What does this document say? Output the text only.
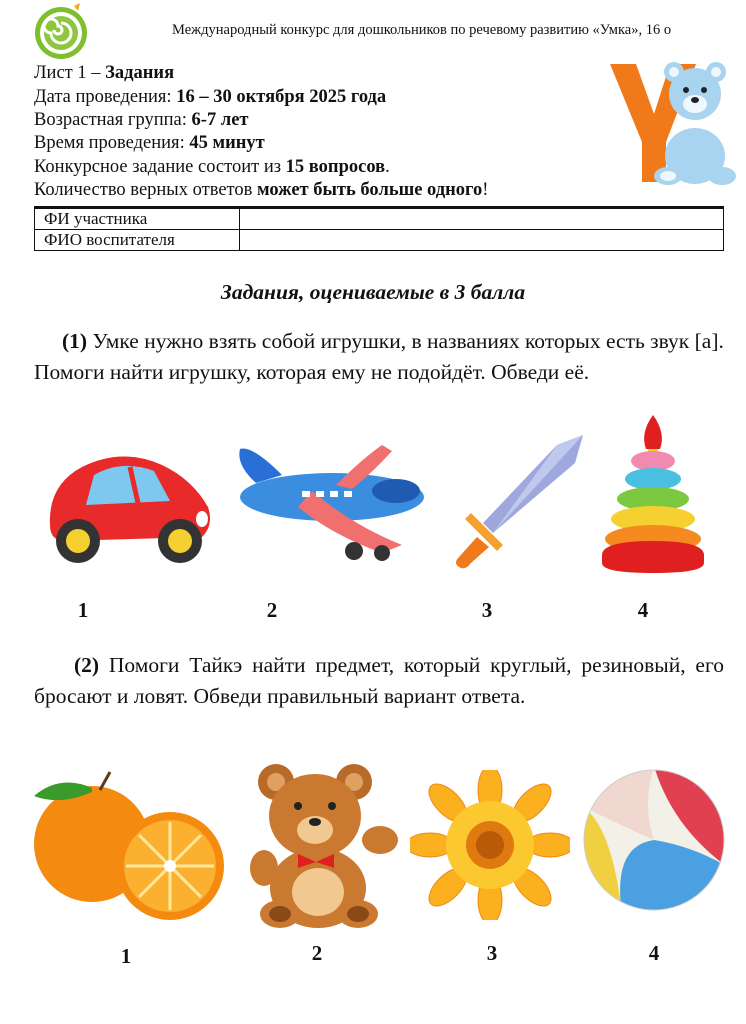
Международный конкурс для дошкольников по речевому развитию «Умка», 16 о
Лист 1 – Задания
Дата проведения: 16 – 30 октября 2025 года
Возрастная группа: 6-7 лет
Время проведения: 45 минут
Конкурсное задание состоит из 15 вопросов.
Количество верных ответов может быть больше одного!
ФИ участника	
ФИО воспитателя	
Задания, оцениваемые в 3 балла
(1) Умке нужно взять собой игрушки, в названиях которых есть звук [а]. Помоги найти игрушку, которая ему не подойдёт. Обведи её.
1	2	3	4
(2) Помоги Тайкэ найти предмет, который круглый, резиновый, его бросают и ловят. Обведи правильный вариант ответа.
1	2	3	4
